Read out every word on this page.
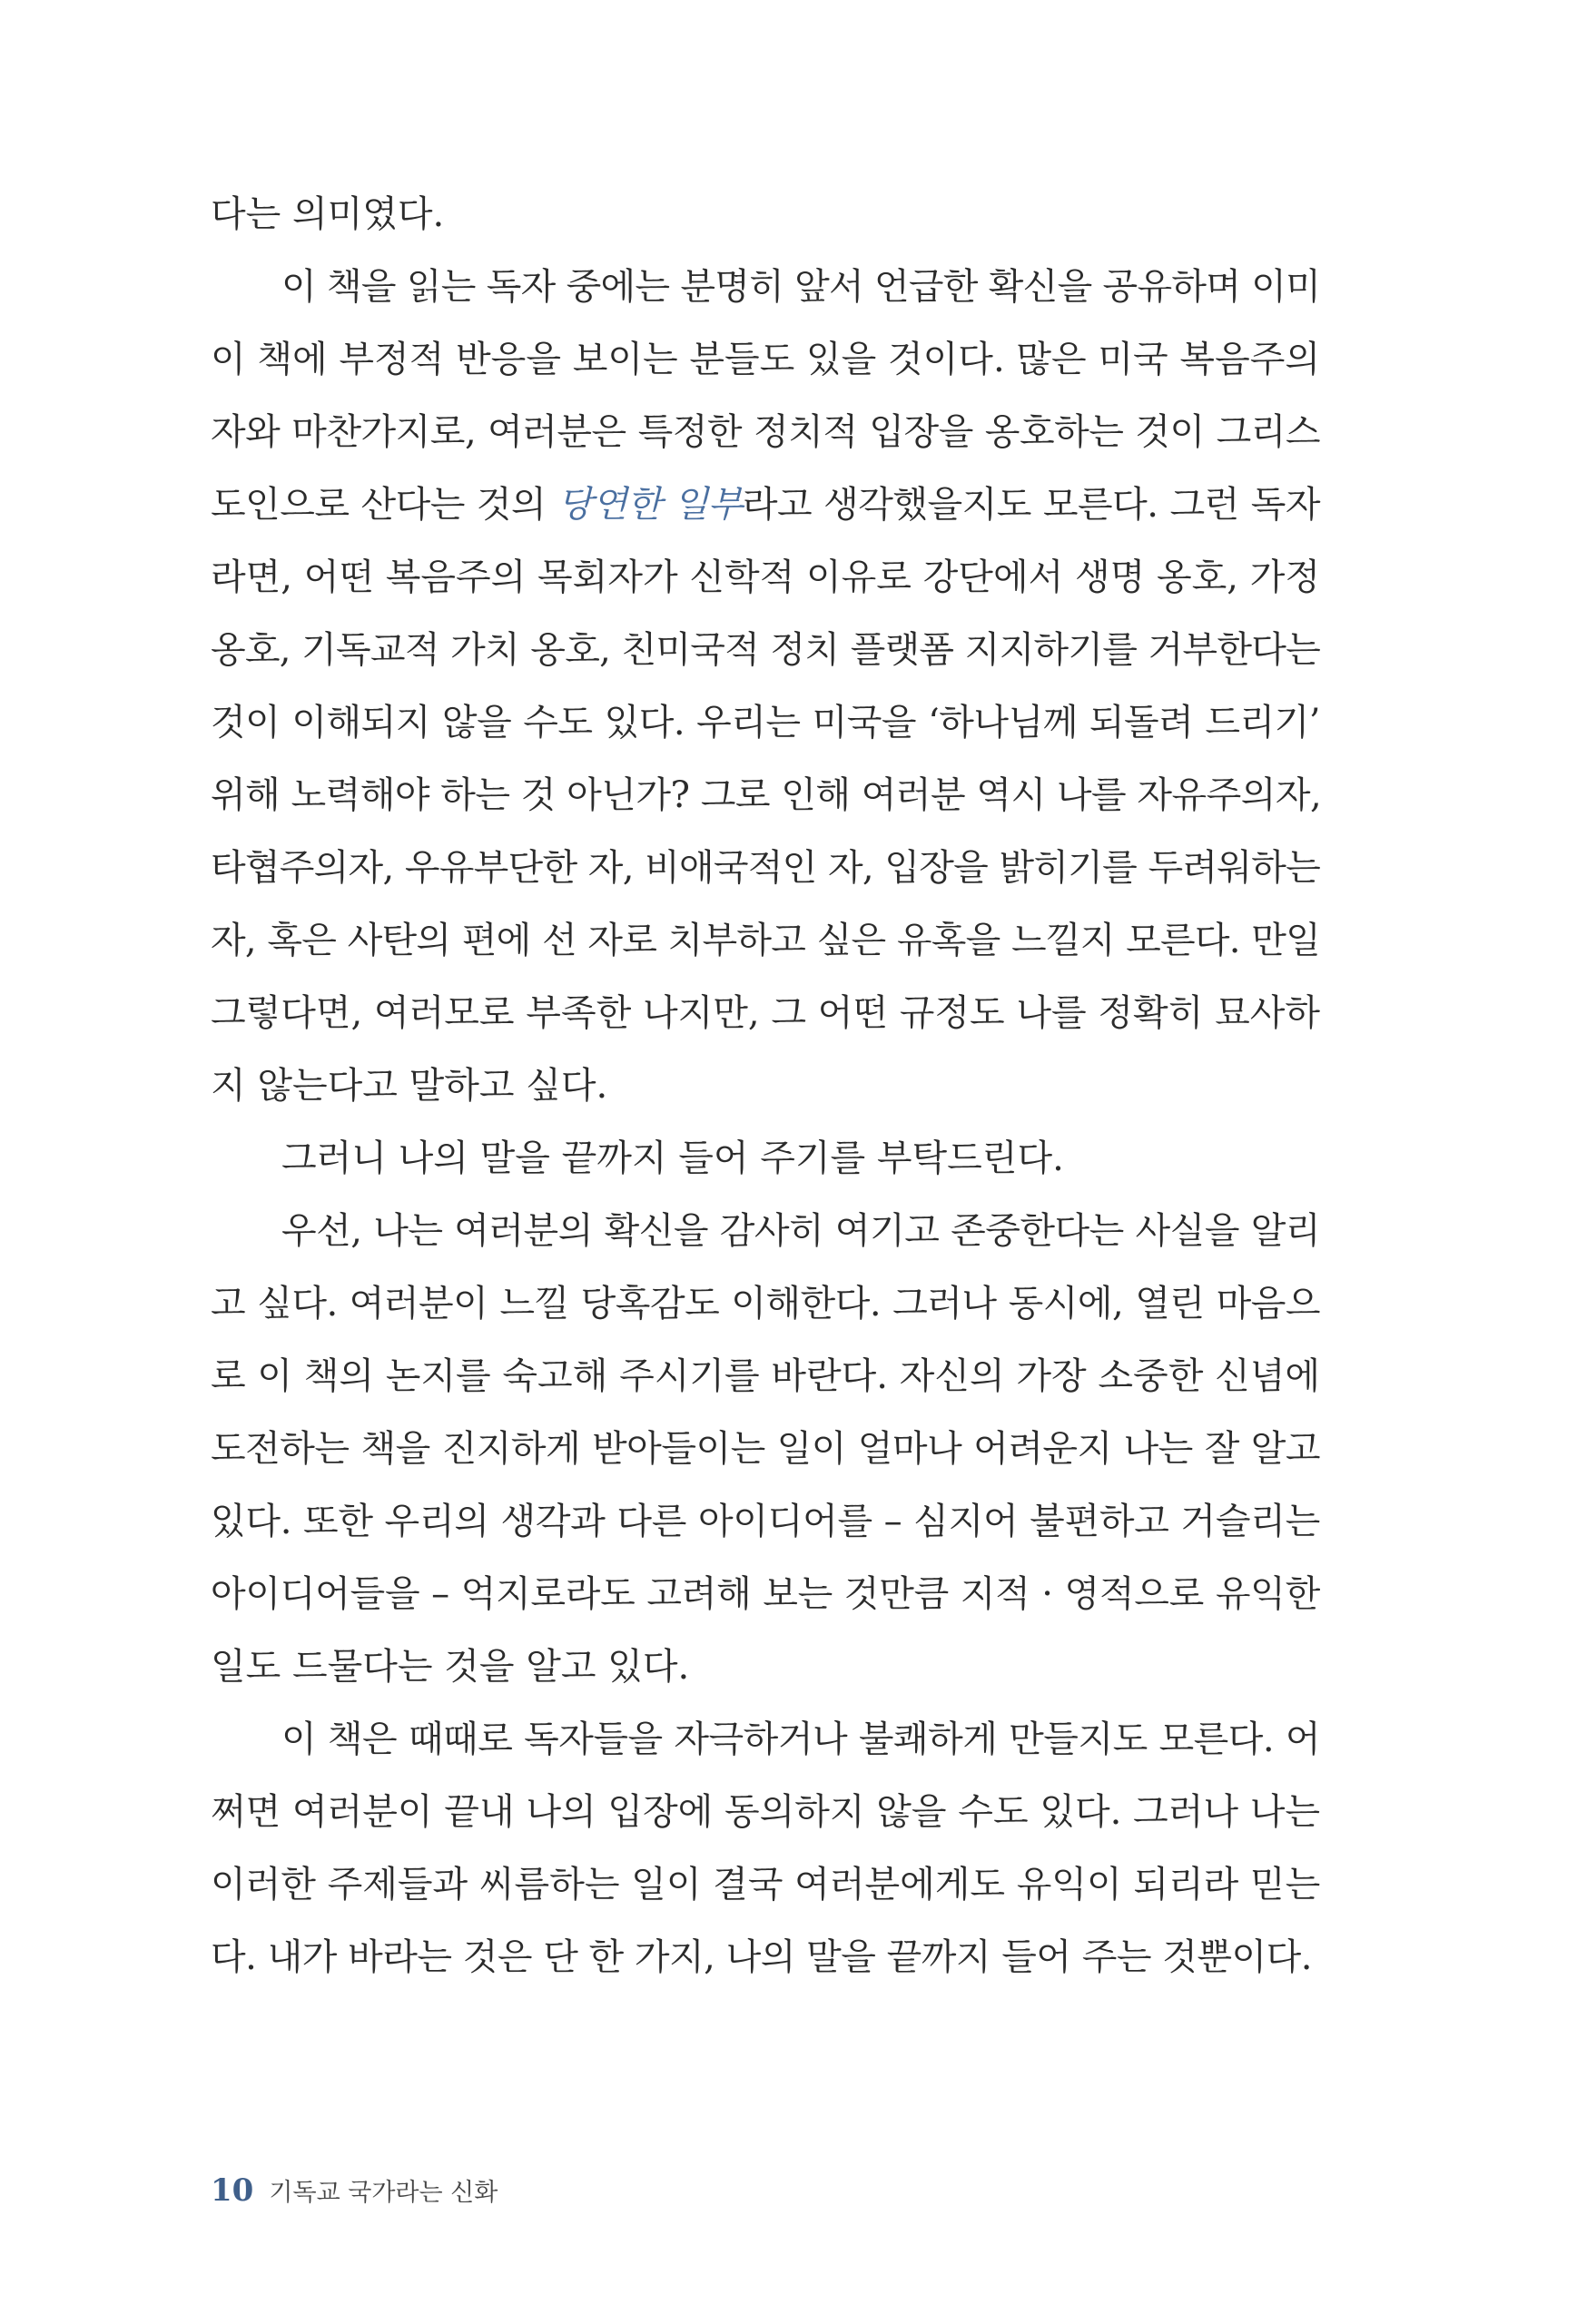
다는 의미였다.
이 책을 읽는 독자 중에는 분명히 앞서 언급한 확신을 공유하며 이미
이 책에 부정적 반응을 보이는 분들도 있을 것이다. 많은 미국 복음주의
자와 마찬가지로, 여러분은 특정한 정치적 입장을 옹호하는 것이 그리스
도인으로 산다는 것의 당연한 일부라고 생각했을지도 모른다. 그런 독자
라면, 어떤 복음주의 목회자가 신학적 이유로 강단에서 생명 옹호, 가정
옹호, 기독교적 가치 옹호, 친미국적 정치 플랫폼 지지하기를 거부한다는
것이 이해되지 않을 수도 있다. 우리는 미국을 ‘하나님께 되돌려 드리기’
위해 노력해야 하는 것 아닌가? 그로 인해 여러분 역시 나를 자유주의자,
타협주의자, 우유부단한 자, 비애국적인 자, 입장을 밝히기를 두려워하는
자, 혹은 사탄의 편에 선 자로 치부하고 싶은 유혹을 느낄지 모른다. 만일
그렇다면, 여러모로 부족한 나지만, 그 어떤 규정도 나를 정확히 묘사하
지 않는다고 말하고 싶다.
그러니 나의 말을 끝까지 들어 주기를 부탁드린다.
우선, 나는 여러분의 확신을 감사히 여기고 존중한다는 사실을 알리
고 싶다. 여러분이 느낄 당혹감도 이해한다. 그러나 동시에, 열린 마음으
로 이 책의 논지를 숙고해 주시기를 바란다. 자신의 가장 소중한 신념에
도전하는 책을 진지하게 받아들이는 일이 얼마나 어려운지 나는 잘 알고
있다. 또한 우리의 생각과 다른 아이디어를 – 심지어 불편하고 거슬리는
아이디어들을 – 억지로라도 고려해 보는 것만큼 지적 · 영적으로 유익한
일도 드물다는 것을 알고 있다.
이 책은 때때로 독자들을 자극하거나 불쾌하게 만들지도 모른다. 어
쩌면 여러분이 끝내 나의 입장에 동의하지 않을 수도 있다. 그러나 나는
이러한 주제들과 씨름하는 일이 결국 여러분에게도 유익이 되리라 믿는
다. 내가 바라는 것은 단 한 가지, 나의 말을 끝까지 들어 주는 것뿐이다.
10 기독교 국가라는 신화
